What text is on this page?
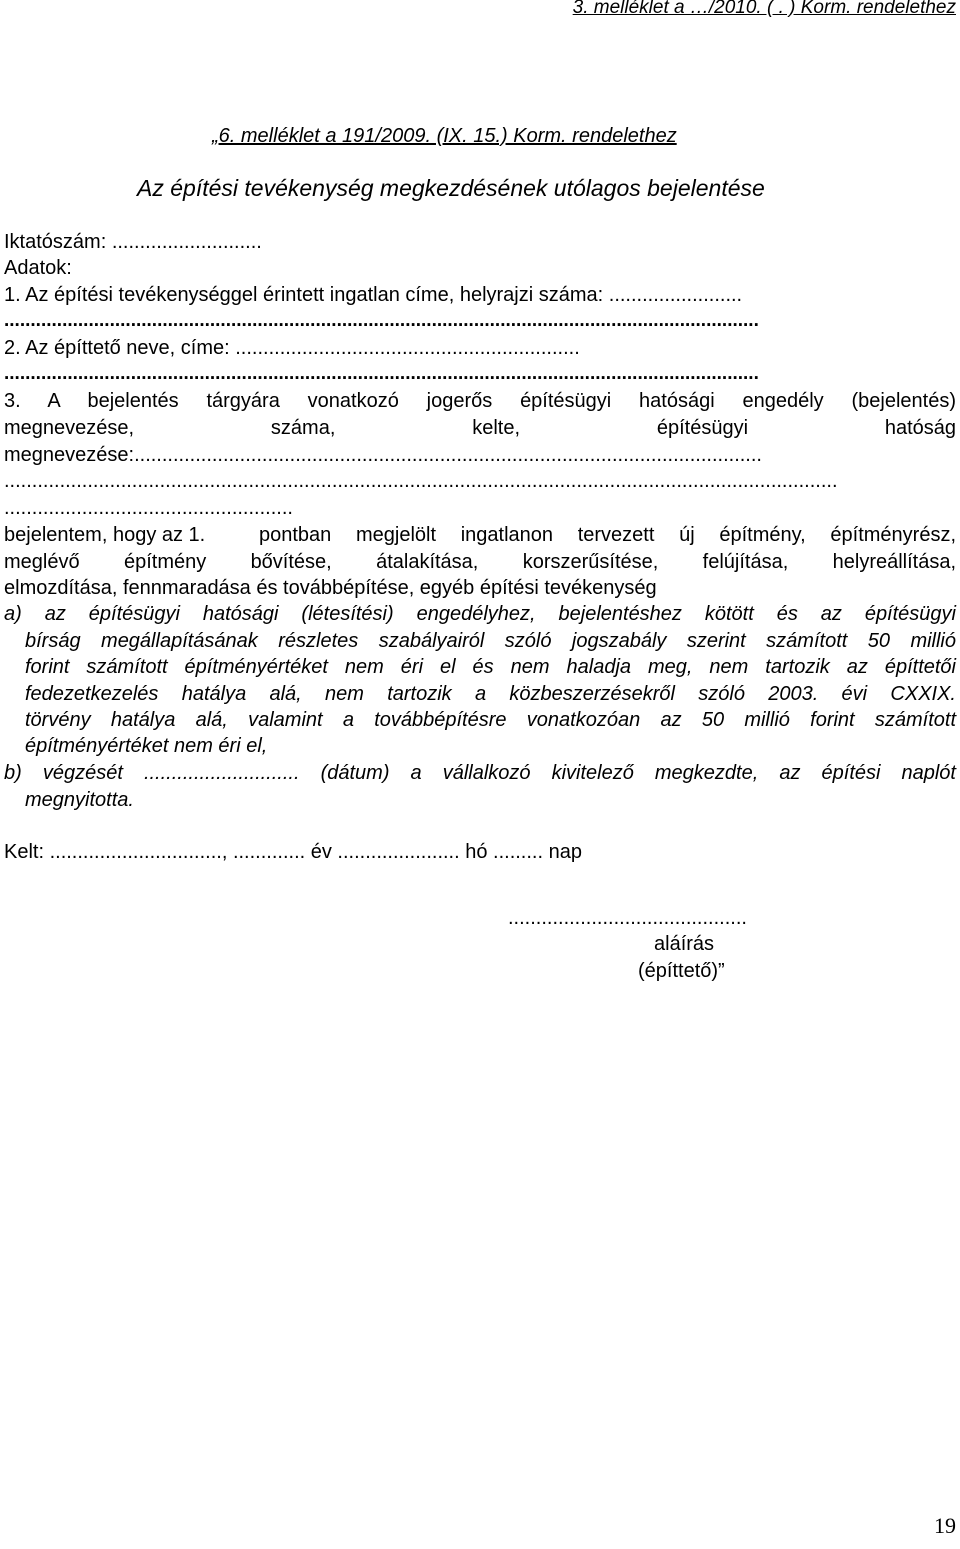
3. melléklet a …/2010. ( . ) Korm. rendelethez

„6. melléklet a 191/2009. (IX. 15.) Korm. rendelethez

Az építési tevékenység megkezdésének utólagos bejelentése

Iktatószám: ...........................

Adatok:

1. Az építési tevékenységgel érintett ingatlan címe, helyrajzi száma: ........................

...............................................................................................................................................

2. Az építtető neve, címe: ..............................................................

...............................................................................................................................................

3. A bejelentés tárgyára vonatkozó jogerős építésügyi hatósági engedély (bejelentés)

megnevezése,	száma,	kelte,	építésügyi	hatóság

megnevezése:.................................................................................................................

......................................................................................................................................................

....................................................

bejelentem, hogy az 1.	pontban megjelölt ingatlanon tervezett új építmény, építményrész,

meglévő építmény bővítése, átalakítása, korszerűsítése, felújítása, helyreállítása,

elmozdítása, fennmaradása és továbbépítése, egyéb építési tevékenység

a) az építésügyi hatósági (létesítési) engedélyhez, bejelentéshez kötött és az építésügyi

bírság megállapításának részletes szabályairól szóló jogszabály szerint számított 50 millió

forint számított építményértéket nem éri el és nem haladja meg, nem tartozik az építtetői

fedezetkezelés hatálya alá, nem tartozik a közbeszerzésekről szóló 2003. évi CXXIX.

törvény hatálya alá, valamint a továbbépítésre vonatkozóan az 50 millió forint számított

építményértéket nem éri el,

b) végzését ............................ (dátum) a vállalkozó kivitelező megkezdte, az építési naplót

megnyitotta.

Kelt: ..............................., ............. év ...................... hó ......... nap

...........................................

aláírás

(építtető)”

19
